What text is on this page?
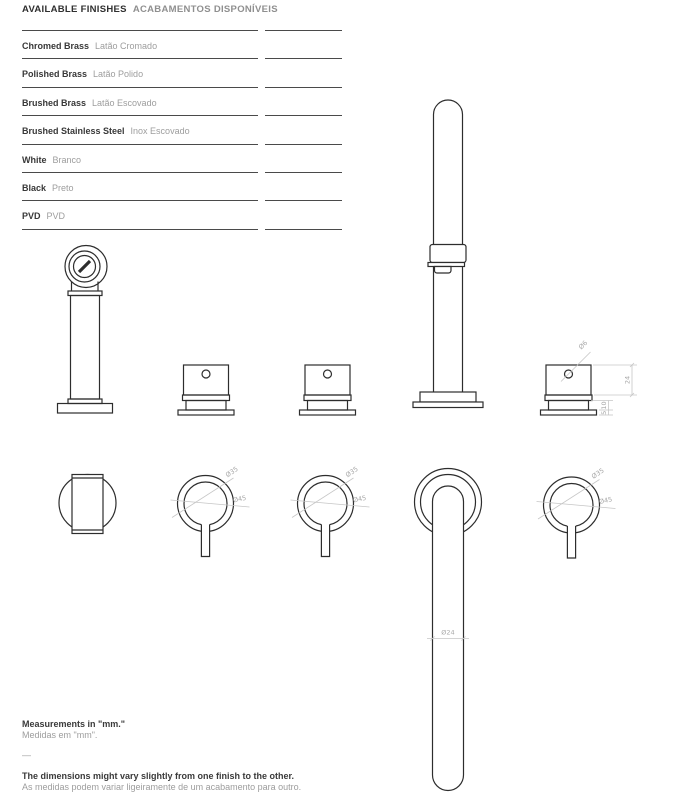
AVAILABLE FINISHES ACABAMENTOS DISPONÍVEIS
Chromed Brass Latão Cromado
Polished Brass Latão Polido
Brushed Brass Latão Escovado
Brushed Stainless Steel Inox Escovado
White Branco
Black Preto
PVD PVD
Ø6
24
10
5
Ø24
Measurements in "mm."
Medidas em "mm".
—
The dimensions might vary slightly from one finish to the other.
As medidas podem variar ligeiramente de um acabamento para outro.
